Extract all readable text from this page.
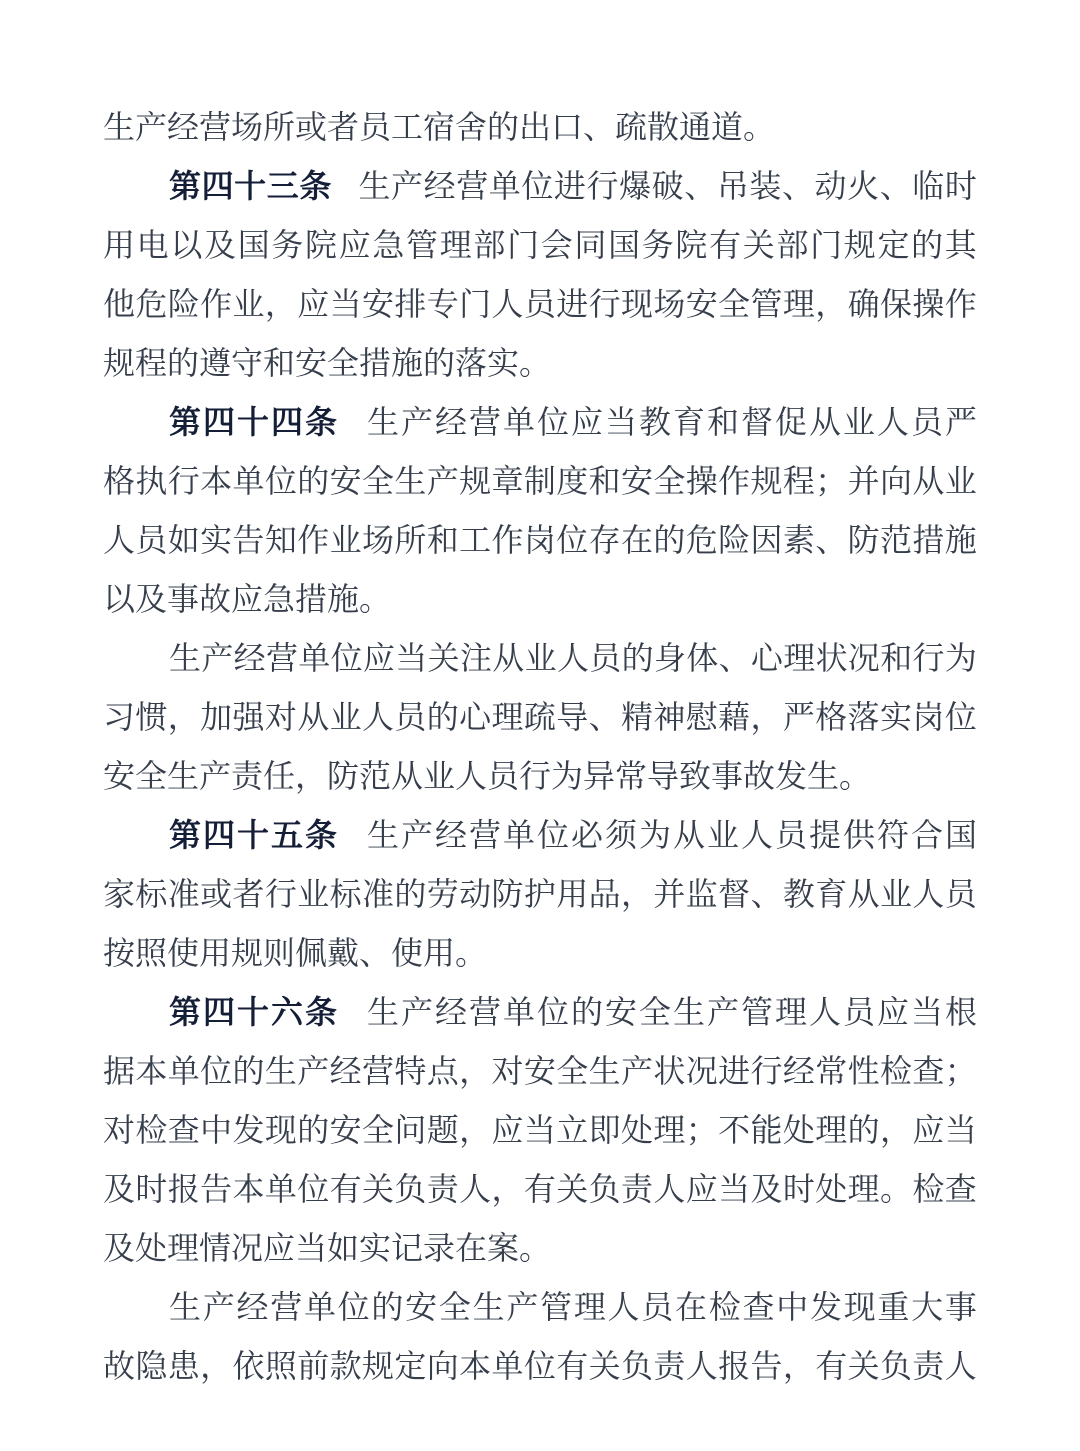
生产经营场所或者员工宿舍的出口、疏散通道。
第 四 十 三 条 生 产 经 营 单 位 进 行 爆 破 、 吊 装 、 动 火 、 临 时
用 电 以 及 国 务 院 应 急 管 理 部 门 会 同 国 务 院 有 关 部 门 规 定 的 其
他 危 险 作 业 ， 应 当 安 排 专 门 人 员 进 行 现 场 安 全 管 理 ， 确 保 操 作
规程的遵守和安全措施的落实。
第 四 十 四 条 生 产 经 营 单 位 应 当 教 育 和 督 促 从 业 人 员 严
格 执 行 本 单 位 的 安 全 生 产 规 章 制 度 和 安 全 操 作 规 程 ； 并 向 从 业
人 员 如 实 告 知 作 业 场 所 和 工 作 岗 位 存 在 的 危 险 因 素 、 防 范 措 施
以及事故应急措施。
生 产 经 营 单 位 应 当 关 注 从 业 人 员 的 身 体 、 心 理 状 况 和 行 为
习 惯 ， 加 强 对 从 业 人 员 的 心 理 疏 导 、 精 神 慰 藉 ， 严 格 落 实 岗 位
安全生产责任，防范从业人员行为异常导致事故发生。
第 四 十 五 条 生 产 经 营 单 位 必 须 为 从 业 人 员 提 供 符 合 国
家 标 准 或 者 行 业 标 准 的 劳 动 防 护 用 品 ， 并 监 督 、 教 育 从 业 人 员
按照使用规则佩戴、使用。
第 四 十 六 条 生 产 经 营 单 位 的 安 全 生 产 管 理 人 员 应 当 根
据 本 单 位 的 生 产 经 营 特 点 ， 对 安 全 生 产 状 况 进 行 经 常 性 检 查 ；
对 检 查 中 发 现 的 安 全 问 题 ， 应 当 立 即 处 理 ； 不 能 处 理 的 ， 应 当
及 时 报 告 本 单 位 有 关 负 责 人 ， 有 关 负 责 人 应 当 及 时 处 理 。 检 查
及处理情况应当如实记录在案。
生 产 经 营 单 位 的 安 全 生 产 管 理 人 员 在 检 查 中 发 现 重 大 事
故 隐 患 ， 依 照 前 款 规 定 向 本 单 位 有 关 负 责 人 报 告 ， 有 关 负 责 人
